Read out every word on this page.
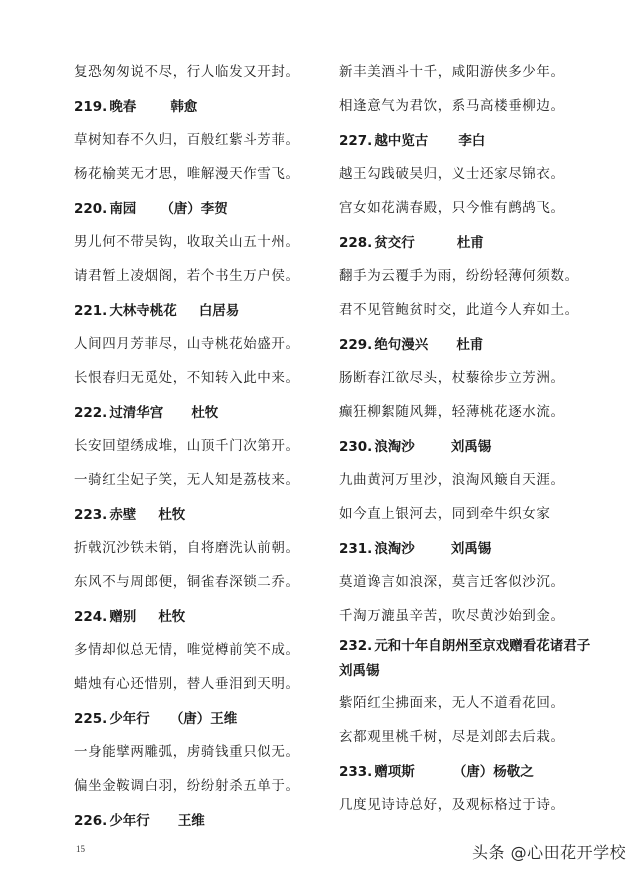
复恐匆匆说不尽，行人临发又开封。
219. 晚春	韩愈
草树知春不久归，百般红紫斗芳菲。
杨花榆荚无才思，唯解漫天作雪飞。
220. 南园 （唐）李贺
男儿何不带吴钩，收取关山五十州。
请君暂上凌烟阁，若个书生万户侯。
221. 大林寺桃花 白居易
人间四月芳菲尽，山寺桃花始盛开。
长恨春归无觅处，不知转入此中来。
222. 过清华宫 杜牧
长安回望绣成堆，山顶千门次第开。
一骑红尘妃子笑，无人知是荔枝来。
223. 赤壁 杜牧
折戟沉沙铁未销，自将磨洗认前朝。
东风不与周郎便，铜雀春深锁二乔。
224. 赠别 杜牧
多情却似总无情，唯觉樽前笑不成。
蜡烛有心还惜别，替人垂泪到天明。
225. 少年行 （唐）王维
一身能擘两雕弧，虏骑钱重只似无。
偏坐金鞍调白羽，纷纷射杀五单于。
226. 少年行 王维
新丰美酒斗十千，咸阳游侠多少年。
相逢意气为君饮，系马高楼垂柳边。
227. 越中览古 李白
越王勾践破吴归，义士还家尽锦衣。
宫女如花满春殿，只今惟有鹧鸪飞。
228. 贫交行	杜甫
翻手为云覆手为雨，纷纷轻薄何须数。
君不见管鲍贫时交，此道今人弃如土。
229. 绝句漫兴 杜甫
肠断春江欲尽头，杖藜徐步立芳洲。
癫狂柳絮随风舞，轻薄桃花逐水流。
230. 浪淘沙	刘禹锡
九曲黄河万里沙，浪淘风簸自天涯。
如今直上银河去，同到牵牛织女家
231. 浪淘沙	刘禹锡
莫道谗言如浪深，莫言迁客似沙沉。
千淘万漉虽辛苦，吹尽黄沙始到金。
232. 元和十年自朗州至京戏赠看花诸君子
刘禹锡
紫陌红尘拂面来，无人不道看花回。
玄都观里桃千树，尽是刘郎去后栽。
233. 赠项斯	（唐）杨敬之
几度见诗诗总好，及观标格过于诗。
15	头条 @心田花开学校
